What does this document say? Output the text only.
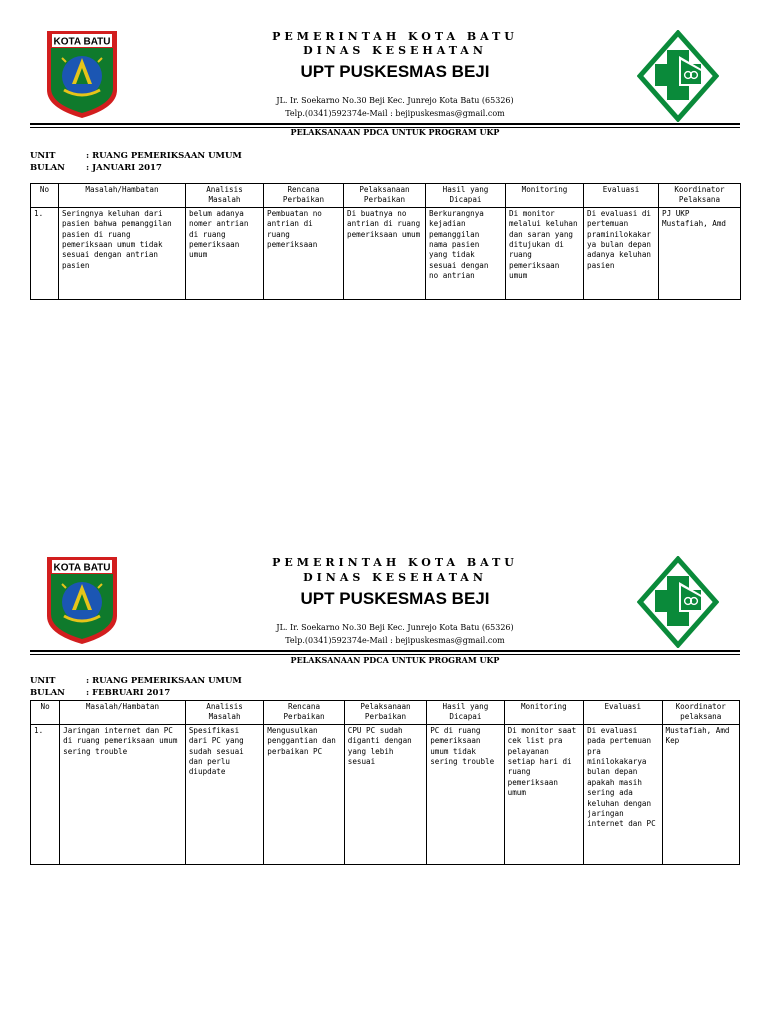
KOTA BATU	PEMERINTAH KOTA BATU
DINAS KESEHATAN
UPT PUSKESMAS BEJI
JL. Ir. Soekarno No.30 Beji Kec. Junrejo Kota Batu (65326)
Telp.(0341)592374e-Mail : bejipuskesmas@gmail.com
PELAKSANAAN PDCA UNTUK PROGRAM UKP
UNIT	: RUANG PEMERIKSAAN UMUM
BULAN : JANUARI 2017
No	Masalah/Hambatan	Analisis Masalah	Rencana Perbaikan	Pelaksanaan Perbaikan	Hasil yang Dicapai	Monitoring	Evaluasi	Koordinator Pelaksana
1.	Seringnya keluhan dari pasien bahwa pemanggilan pasien di ruang pemeriksaan umum tidak sesuai dengan antrian pasien	belum adanya nomer antrian di ruang pemeriksaan umum	Pembuatan no antrian di ruang pemeriksaan	Di buatnya no antrian di ruang pemeriksaan umum	Berkurangnya kejadian pemanggilan nama pasien yang tidak sesuai dengan no antrian	Di monitor melalui keluhan dan saran yang ditujukan di ruang pemeriksaan umum	Di evaluasi di pertemuan praminilokakarya bulan depan adanya keluhan pasien	PJ UKP Mustafiah, Amd
KOTA BATU	PEMERINTAH KOTA BATU
DINAS KESEHATAN
UPT PUSKESMAS BEJI
JL. Ir. Soekarno No.30 Beji Kec. Junrejo Kota Batu (65326)
Telp.(0341)592374e-Mail : bejipuskesmas@gmail.com
PELAKSANAAN PDCA UNTUK PROGRAM UKP
UNIT	: RUANG PEMERIKSAAN UMUM
BULAN : FEBRUARI 2017
No	Masalah/Hambatan	Analisis Masalah	Rencana Perbaikan	Pelaksanaan Perbaikan	Hasil yang Dicapai	Monitoring	Evaluasi	Koordinator pelaksana
1.	Jaringan internet dan PC di ruang pemeriksaan umum sering trouble	Spesifikasi dari PC yang sudah sesuai dan perlu diupdate	Mengusulkan penggantian dan perbaikan PC	CPU PC sudah diganti dengan yang lebih sesuai	PC di ruang pemeriksaan umum tidak sering trouble	Di monitor saat cek list pra pelayanan setiap hari di ruang pemeriksaan umum	Di evaluasi pada pertemuan pra minilokakarya bulan depan apakah masih sering ada keluhan dengan jaringan internet dan PC	Mustafiah, Amd Kep
